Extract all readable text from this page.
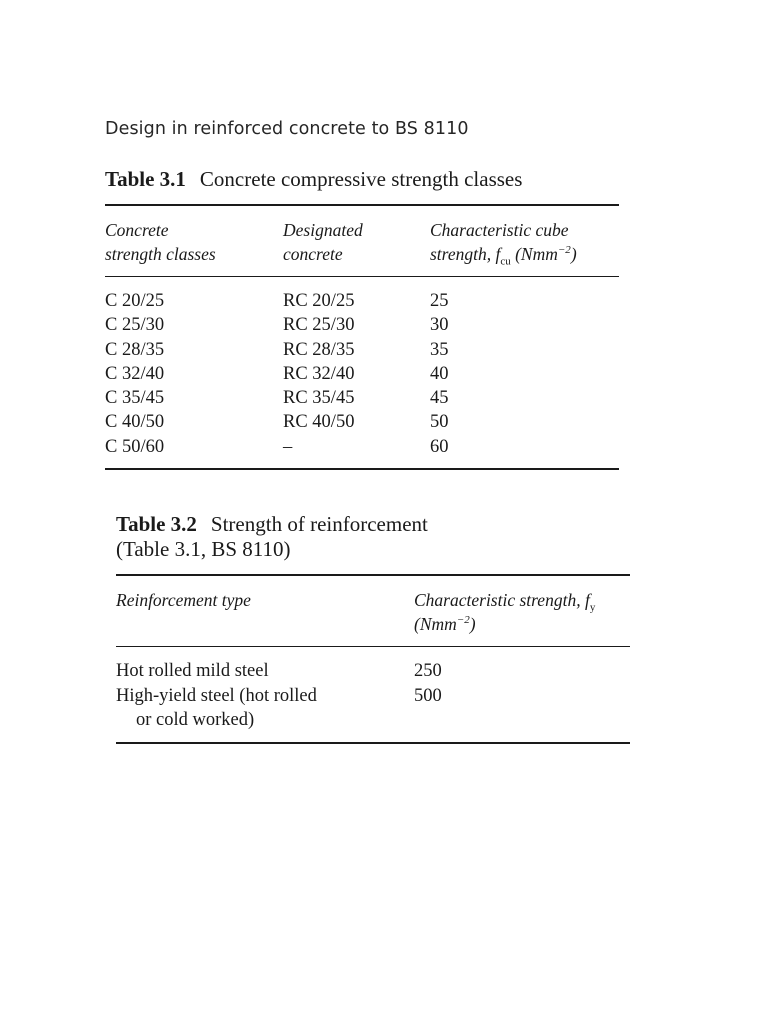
Design in reinforced concrete to BS 8110
Table 3.1 Concrete compressive strength classes
Concrete
strength classes
Designated
concrete
Characteristic cube
strength, $f_{cu}$ (Nmm$^{-2}$)
C 20/25
C 25/30
C 28/35
C 32/40
C 35/45
C 40/50
C 50/60
RC 20/25
RC 25/30
RC 28/35
RC 32/40
RC 35/45
RC 40/50
–
25
30
35
40
45
50
60
Table 3.2 Strength of reinforcement
(Table 3.1, BS 8110)
Reinforcement type	Characteristic strength, $f_y$
(Nmm$^{-2}$)
Hot rolled mild steel
High-yield steel (hot rolled
or cold worked)
250
500
